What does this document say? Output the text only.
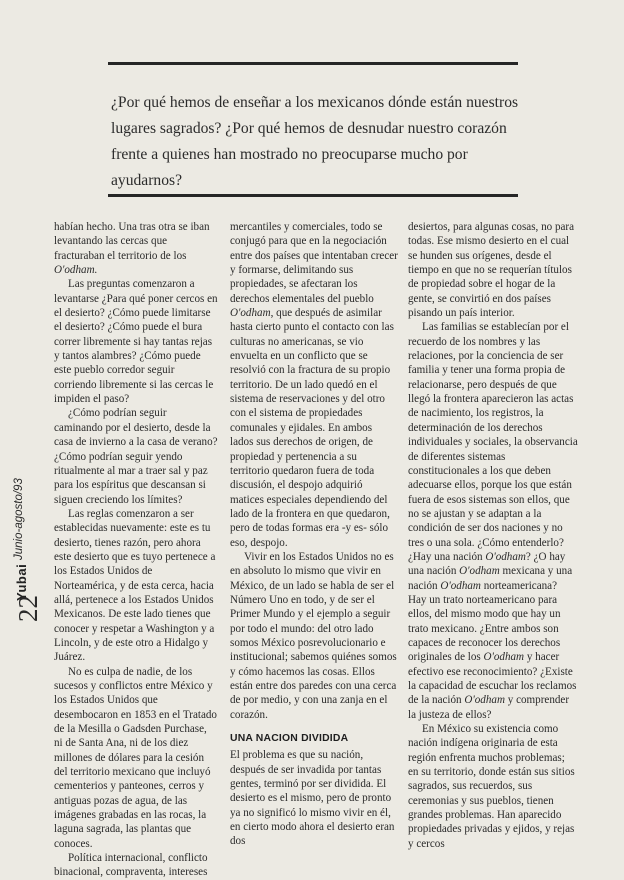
¿Por qué hemos de enseñar a los mexicanos dónde están nuestros lugares sagrados? ¿Por qué hemos de desnudar nuestro corazón frente a quienes han mostrado no preocuparse mucho por ayudarnos?

Junio-agosto/93
Yubai
22

habían hecho. Una tras otra se iban levantando las cercas que fracturaban el territorio de los O'odham.

Las preguntas comenzaron a levantarse ¿Para qué poner cercos en el desierto? ¿Cómo puede limitarse el desierto? ¿Cómo puede el bura correr libremente si hay tantas rejas y tantos alambres? ¿Cómo puede este pueblo corredor seguir corriendo libremente si las cercas le impiden el paso?

¿Cómo podrían seguir caminando por el desierto, desde la casa de invierno a la casa de verano? ¿Cómo podrían seguir yendo ritualmente al mar a traer sal y paz para los espíritus que descansan si siguen creciendo los límites?

Las reglas comenzaron a ser establecidas nuevamente: este es tu desierto, tienes razón, pero ahora este desierto que es tuyo pertenece a los Estados Unidos de Norteamérica, y de esta cerca, hacia allá, pertenece a los Estados Unidos Mexicanos. De este lado tienes que conocer y respetar a Washington y a Lincoln, y de este otro a Hidalgo y Juárez.

No es culpa de nadie, de los sucesos y conflictos entre México y los Estados Unidos que desembocaron en 1853 en el Tratado de la Mesilla o Gadsden Purchase, ni de Santa Ana, ni de los diez millones de dólares para la cesión del territorio mexicano que incluyó cementerios y panteones, cerros y antiguas pozas de agua, de las imágenes grabadas en las rocas, la laguna sagrada, las plantas que conoces.

Política internacional, conflicto binacional, compraventa, intereses

mercantiles y comerciales, todo se conjugó para que en la negociación entre dos países que intentaban crecer y formarse, delimitando sus propiedades, se afectaran los derechos elementales del pueblo O'odham, que después de asimilar hasta cierto punto el contacto con las culturas no americanas, se vio envuelta en un conflicto que se resolvió con la fractura de su propio territorio. De un lado quedó en el sistema de reservaciones y del otro con el sistema de propiedades comunales y ejidales. En ambos lados sus derechos de origen, de propiedad y pertenencia a su territorio quedaron fuera de toda discusión, el despojo adquirió matices especiales dependiendo del lado de la frontera en que quedaron, pero de todas formas era -y es- sólo eso, despojo.

Vivir en los Estados Unidos no es en absoluto lo mismo que vivir en México, de un lado se habla de ser el Número Uno en todo, y de ser el Primer Mundo y el ejemplo a seguir por todo el mundo: del otro lado somos México posrevolucionario e institucional; sabemos quiénes somos y cómo hacemos las cosas. Ellos están entre dos paredes con una cerca de por medio, y con una zanja en el corazón.

UNA NACION DIVIDIDA

El problema es que su nación, después de ser invadida por tantas gentes, terminó por ser dividida. El desierto es el mismo, pero de pronto ya no significó lo mismo vivir en él, en cierto modo ahora el desierto eran dos

desiertos, para algunas cosas, no para todas. Ese mismo desierto en el cual se hunden sus orígenes, desde el tiempo en que no se requerían títulos de propiedad sobre el hogar de la gente, se convirtió en dos países pisando un país interior.

Las familias se establecían por el recuerdo de los nombres y las relaciones, por la conciencia de ser familia y tener una forma propia de relacionarse, pero después de que llegó la frontera aparecieron las actas de nacimiento, los registros, la determinación de los derechos individuales y sociales, la observancia de diferentes sistemas constitucionales a los que deben adecuarse ellos, porque los que están fuera de esos sistemas son ellos, que no se ajustan y se adaptan a la condición de ser dos naciones y no tres o una sola. ¿Cómo entenderlo? ¿Hay una nación O'odham? ¿O hay una nación O'odham mexicana y una nación O'odham norteamericana? Hay un trato norteamericano para ellos, del mismo modo que hay un trato mexicano. ¿Entre ambos son capaces de reconocer los derechos originales de los O'odham y hacer efectivo ese reconocimiento? ¿Existe la capacidad de escuchar los reclamos de la nación O'odham y comprender la justeza de ellos?

En México su existencia como nación indígena originaria de esta región enfrenta muchos problemas; en su territorio, donde están sus sitios sagrados, sus recuerdos, sus ceremonias y sus pueblos, tienen grandes problemas. Han aparecido propiedades privadas y ejidos, y rejas y cercos
